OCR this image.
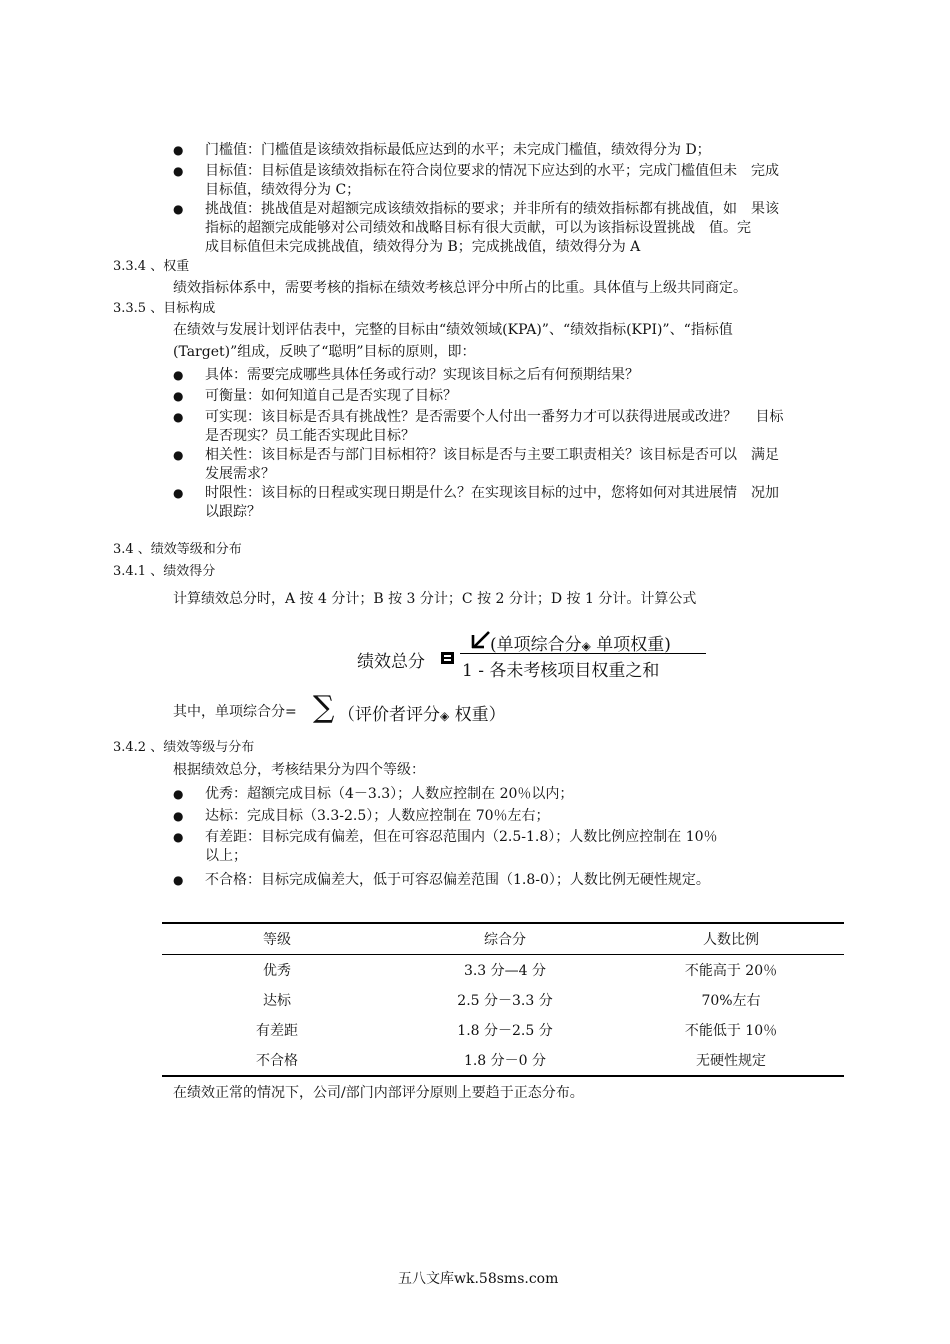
● 门槛值：门槛值是该绩效指标最低应达到的水平；未完成门槛值，绩效得分为 D；
● 目标值：目标值是该绩效指标在符合岗位要求的情况下应达到的水平；完成门槛值但未　完成
目标值，绩效得分为 C；
● 挑战值：挑战值是对超额完成该绩效指标的要求；并非所有的绩效指标都有挑战值，如　果该
指标的超额完成能够对公司绩效和战略目标有很大贡献，可以为该指标设置挑战　值。完
成目标值但未完成挑战值，绩效得分为 B；完成挑战值，绩效得分为 A
3.3.4 、权重
绩效指标体系中，需要考核的指标在绩效考核总评分中所占的比重。具体值与上级共同商定。
3.3.5 、目标构成
在绩效与发展计划评估表中，完整的目标由“绩效领域(KPA)”、“绩效指标(KPI)”、“指标值
(Target)”组成，反映了“聪明”目标的原则，即：
● 具体：需要完成哪些具体任务或行动？实现该目标之后有何预期结果？
● 可衡量：如何知道自己是否实现了目标？
● 可实现：该目标是否具有挑战性？是否需要个人付出一番努力才可以获得进展或改进？　 目标
是否现实？员工能否实现此目标？
● 相关性：该目标是否与部门目标相符？该目标是否与主要工职责相关？该目标是否可以　满足
发展需求？
● 时限性：该目标的日程或实现日期是什么？在实现该目标的过中，您将如何对其进展情　况加
以跟踪？
3.4 、绩效等级和分布
3.4.1 、绩效得分
计算绩效总分时，A 按 4 分计；B 按 3 分计；C 按 2 分计；D 按 1 分计。计算公式
绩效总分
(单项综合分◈ 单项权重)
1 - 各未考核项目权重之和
其中，单项综合分= ∑ （评价者评分◈ 权重）
3.4.2 、绩效等级与分布
根据绩效总分，考核结果分为四个等级：
● 优秀：超额完成目标（4－3.3）；人数应控制在 20％以内；
● 达标：完成目标（3.3-2.5）；人数应控制在 70％左右；
● 有差距：目标完成有偏差，但在可容忍范围内（2.5-1.8）；人数比例应控制在 10％
以上；
● 不合格：目标完成偏差大，低于可容忍偏差范围（1.8-0）；人数比例无硬性规定。
等级	综合分	人数比例
优秀	3.3 分—4 分	不能高于 20％
达标	2.5 分－3.3 分	70%左右
有差距	1.8 分－2.5 分	不能低于 10％
不合格	1.8 分－0 分	无硬性规定
在绩效正常的情况下，公司/部门内部评分原则上要趋于正态分布。
五八文库wk.58sms.com
